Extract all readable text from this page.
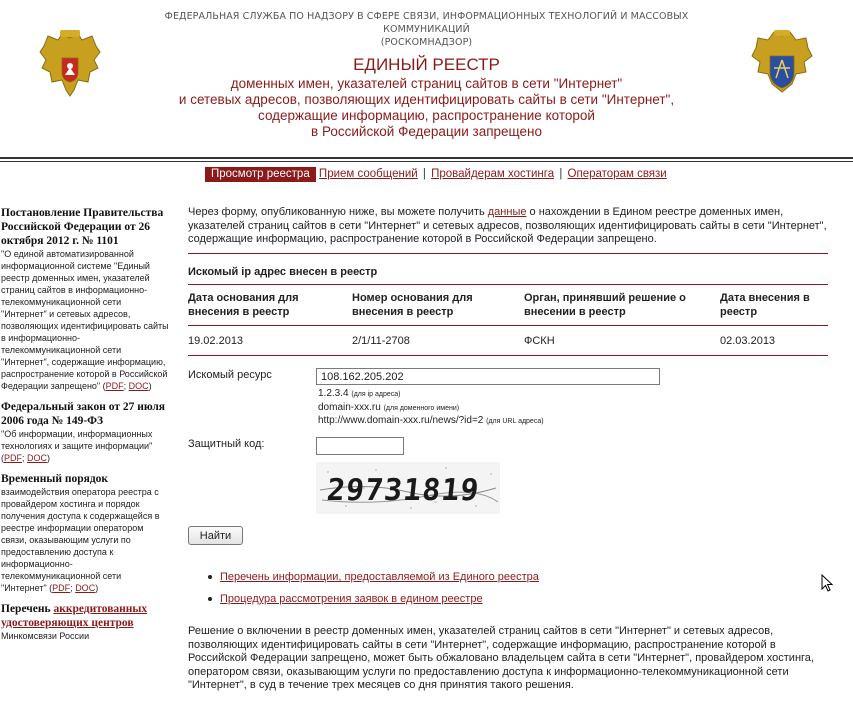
ФЕДЕРАЛЬНАЯ СЛУЖБА ПО НАДЗОРУ В СФЕРЕ СВЯЗИ, ИНФОРМАЦИОННЫХ ТЕХНОЛОГИЙ И МАССОВЫХ КОММУНИКАЦИЙ
(РОСКОМНАДЗОР)
ЕДИНЫЙ РЕЕСТР
доменных имен, указателей страниц сайтов в сети "Интернет"
и сетевых адресов, позволяющих идентифицировать сайты в сети "Интернет",
содержащие информацию, распространение которой
в Российской Федерации запрещено
Просмотр реестра Прием сообщений | Провайдерам хостинга | Операторам связи
Постановление Правительства Российской Федерации от 26 октября 2012 г. № 1101
"О единой автоматизированной информационной системе "Единый реестр доменных имен, указателей страниц сайтов в информационно-телекоммуникационной сети "Интернет" и сетевых адресов, позволяющих идентифицировать сайты в информационно-телекоммуникационной сети "Интернет", содержащие информацию, распространение которой в Российской Федерации запрещено" (PDF; DOC)
Федеральный закон от 27 июля 2006 года № 149-ФЗ
"Об информации, информационных технологиях и защите информации" (PDF; DOC)
Временный порядок
взаимодействия оператора реестра с провайдером хостинга и порядок получения доступа к содержащейся в реестре информации оператором связи, оказывающим услуги по предоставлению доступа к информационно-телекоммуникационной сети "Интернет" (PDF; DOC)
Перечень аккредитованных удостоверяющих центров
Минкомсвязи России
Через форму, опубликованную ниже, вы можете получить данные о нахождении в Едином реестре доменных имен, указателей страниц сайтов в сети "Интернет" и сетевых адресов, позволяющих идентифицировать сайты в сети "Интернет", содержащие информацию, распространение которой в Российской Федерации запрещено.
Искомый ip адрес внесен в реестр
Дата основания для внесения в реестр	Номер основания для внесения в реестр	Орган, принявший решение о внесении в реестр	Дата внесения в реестр
19.02.2013	2/1/11-2708	ФСКН	02.03.2013
Искомый ресурс	108.162.205.202
1.2.3.4 (для ip адреса)
domain-xxx.ru (для доменного имени)
http://www.domain-xxx.ru/news/?id=2 (для URL адреса)
Защитный код:
29731819
Найти
Перечень информации, предоставляемой из Единого реестра
Процедура рассмотрения заявок в едином реестре
Решение о включении в реестр доменных имен, указателей страниц сайтов в сети "Интернет" и сетевых адресов, позволяющих идентифицировать сайты в сети "Интернет", содержащие информацию, распространение которой в Российской Федерации запрещено, может быть обжаловано владельцем сайта в сети "Интернет", провайдером хостинга, оператором связи, оказывающим услуги по предоставлению доступа к информационно-телекоммуникационной сети "Интернет", в суд в течение трех месяцев со дня принятия такого решения.
